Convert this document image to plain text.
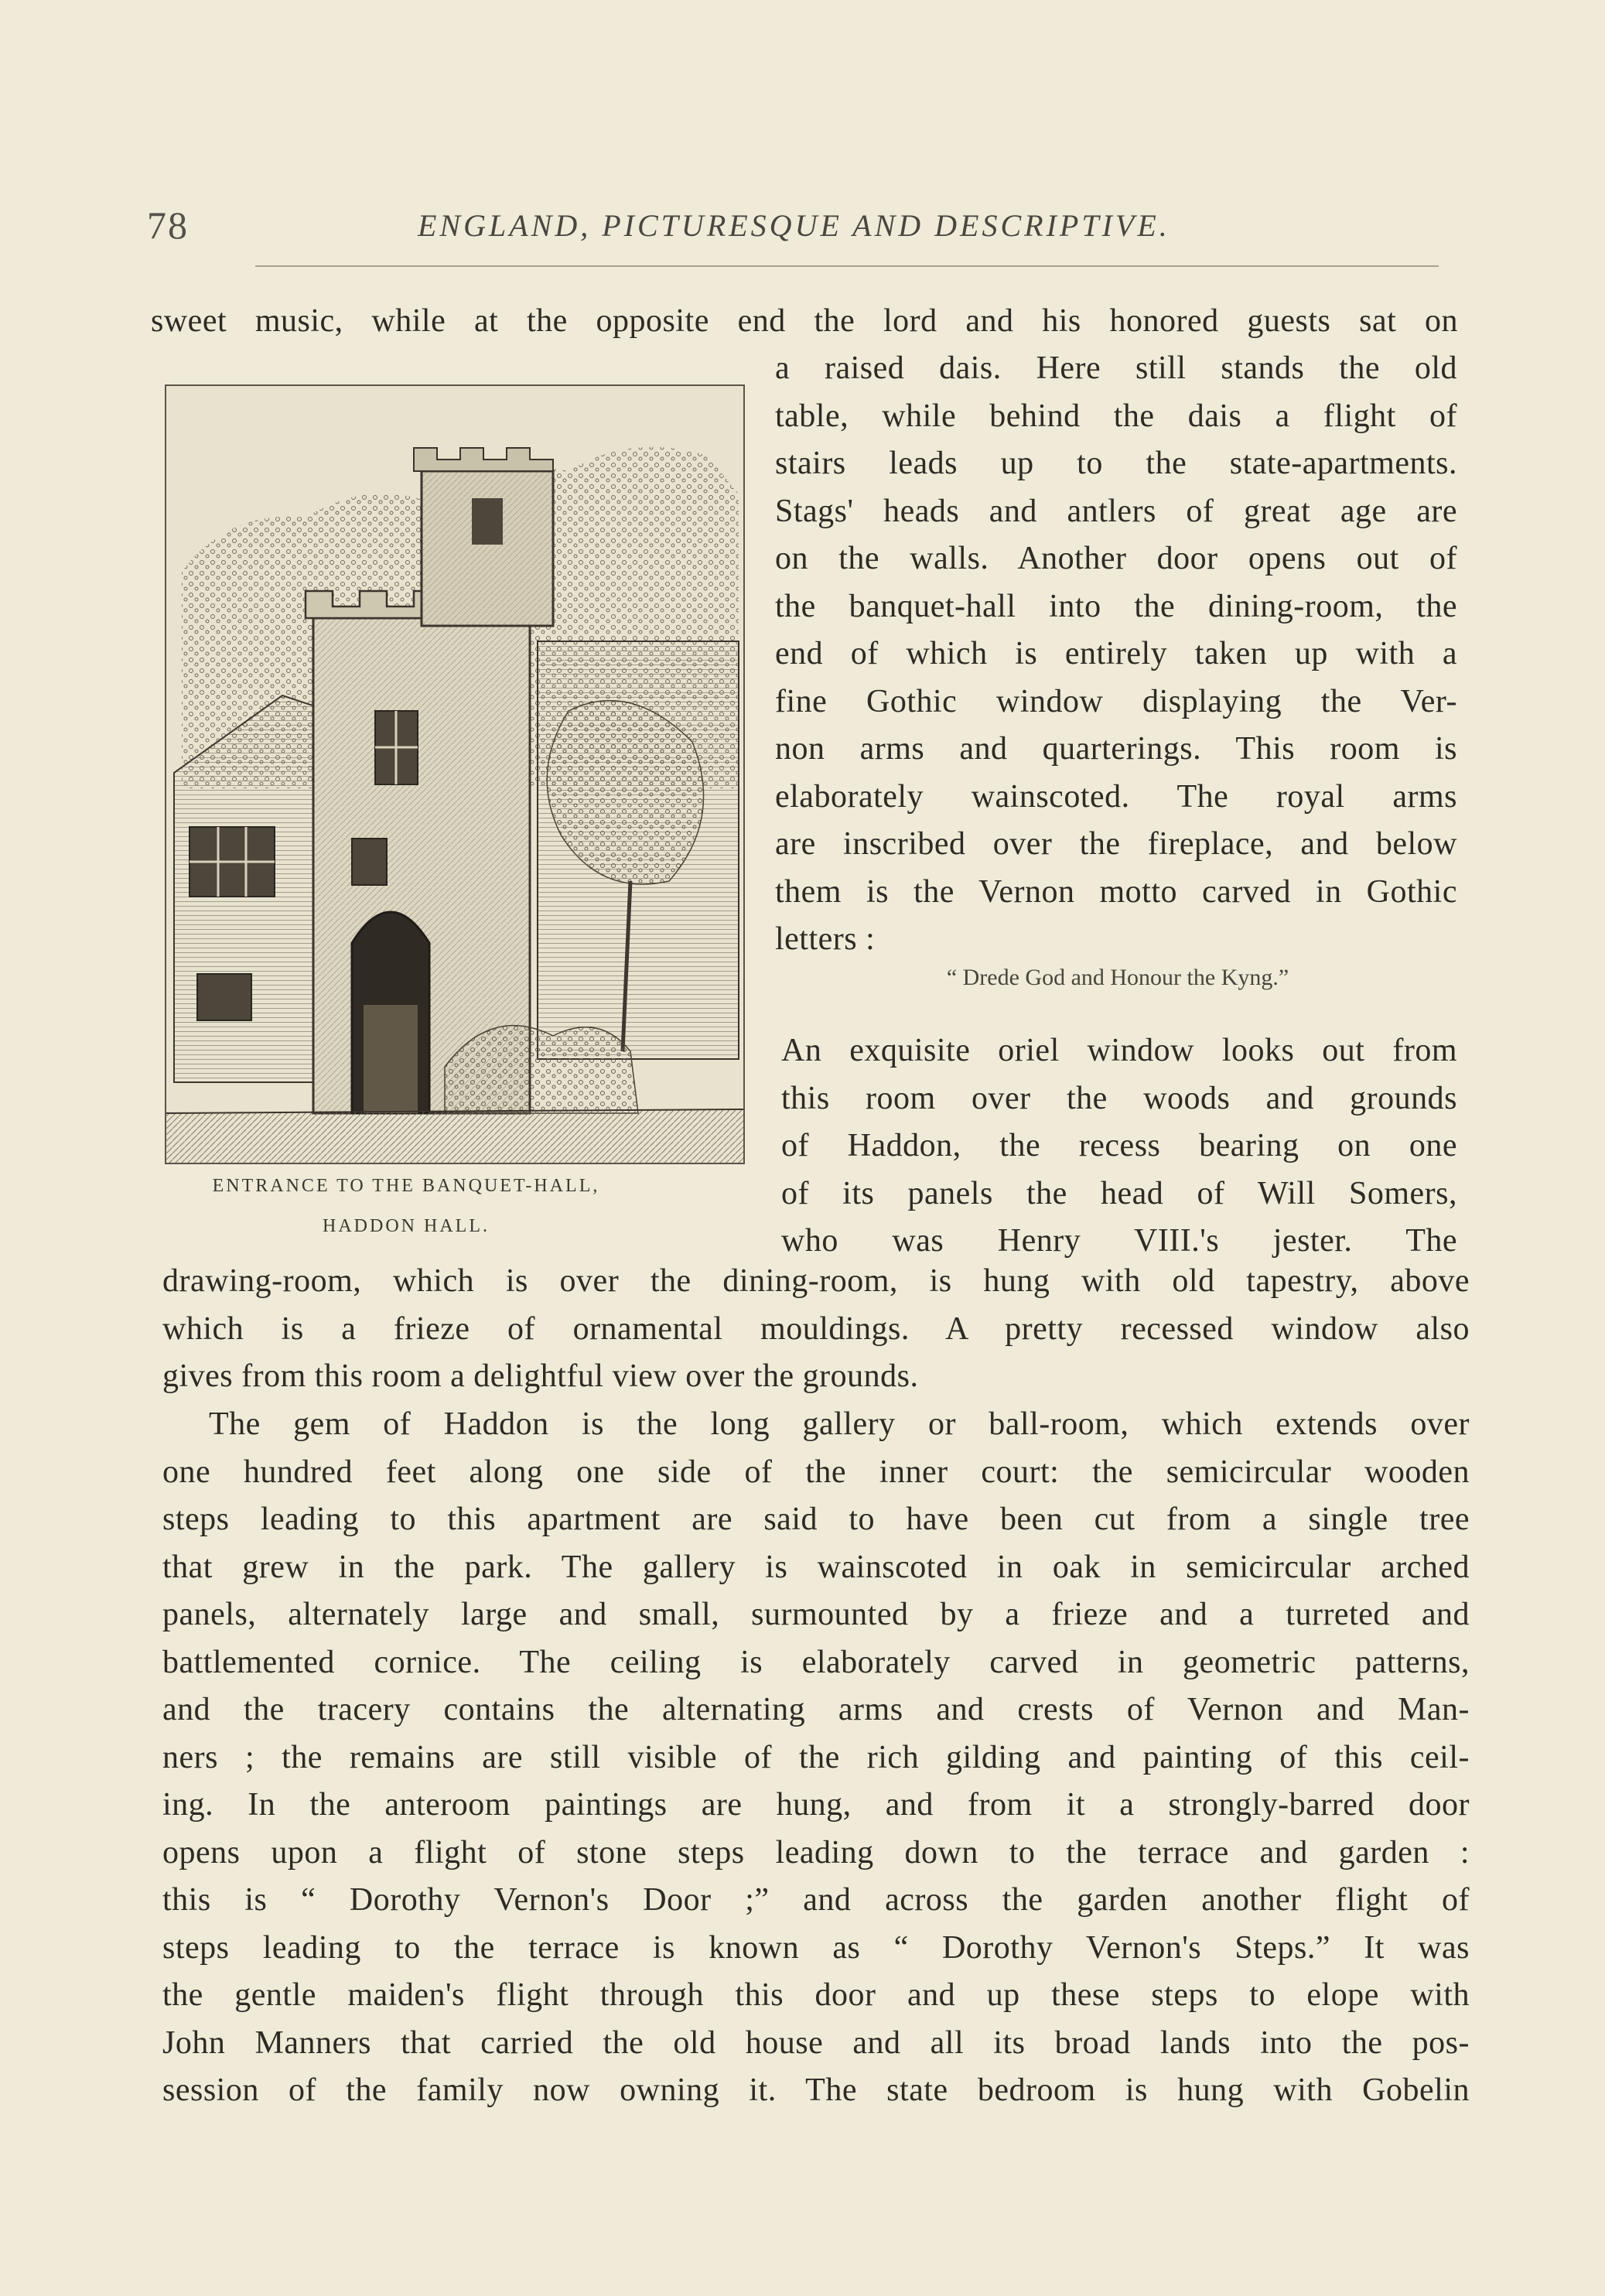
78	ENGLAND, PICTURESQUE AND DESCRIPTIVE.
sweet music, while at the opposite end the lord and his honored guests sat on
a raised dais. Here still stands the old
table, while behind the dais a flight of
stairs leads up to the state-apartments.
Stags' heads and antlers of great age are
on the walls. Another door opens out of
the banquet-hall into the dining-room, the
end of which is entirely taken up with a
fine Gothic window displaying the Ver-
non arms and quarterings. This room is
elaborately wainscoted. The royal arms
are inscribed over the fireplace, and below
them is the Vernon motto carved in Gothic
letters :
“ Drede God and Honour the Kyng.”
An exquisite oriel window looks out from
this room over the woods and grounds
of Haddon, the recess bearing on one
of its panels the head of Will Somers,
who was Henry VIII.'s jester. The
ENTRANCE TO THE BANQUET-HALL,
HADDON HALL.
drawing-room, which is over the dining-room, is hung with old tapestry, above
which is a frieze of ornamental mouldings. A pretty recessed window also
gives from this room a delightful view over the grounds.
The gem of Haddon is the long gallery or ball-room, which extends over
one hundred feet along one side of the inner court: the semicircular wooden
steps leading to this apartment are said to have been cut from a single tree
that grew in the park. The gallery is wainscoted in oak in semicircular arched
panels, alternately large and small, surmounted by a frieze and a turreted and
battlemented cornice. The ceiling is elaborately carved in geometric patterns,
and the tracery contains the alternating arms and crests of Vernon and Man-
ners ; the remains are still visible of the rich gilding and painting of this ceil-
ing. In the anteroom paintings are hung, and from it a strongly-barred door
opens upon a flight of stone steps leading down to the terrace and garden :
this is “ Dorothy Vernon's Door ;” and across the garden another flight of
steps leading to the terrace is known as “ Dorothy Vernon's Steps.” It was
the gentle maiden's flight through this door and up these steps to elope with
John Manners that carried the old house and all its broad lands into the pos-
session of the family now owning it. The state bedroom is hung with Gobelin
